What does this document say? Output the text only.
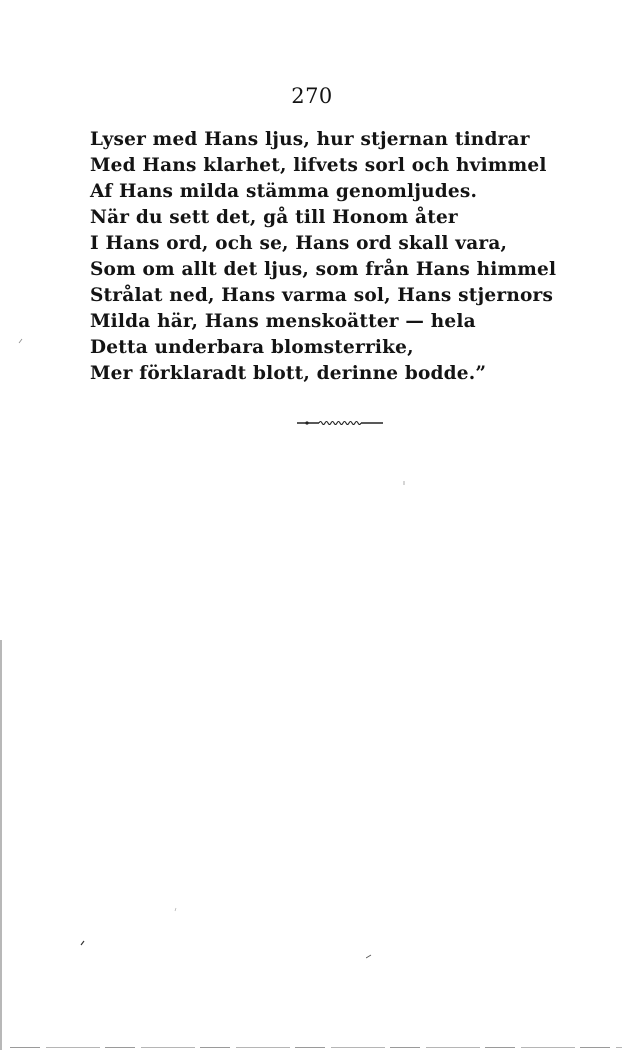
270
Lyser med Hans ljus, hur stjernan tindrar
Med Hans klarhet, lifvets sorl och hvimmel
Af Hans milda stämma genomljudes.
När du sett det, gå till Honom åter
I Hans ord, och se, Hans ord skall vara,
Som om allt det ljus, som från Hans himmel
Strålat ned, Hans varma sol, Hans stjernors
Milda här, Hans menskoätter — hela
Detta underbara blomsterrike,
Mer förklaradt blott, derinne bodde.”
